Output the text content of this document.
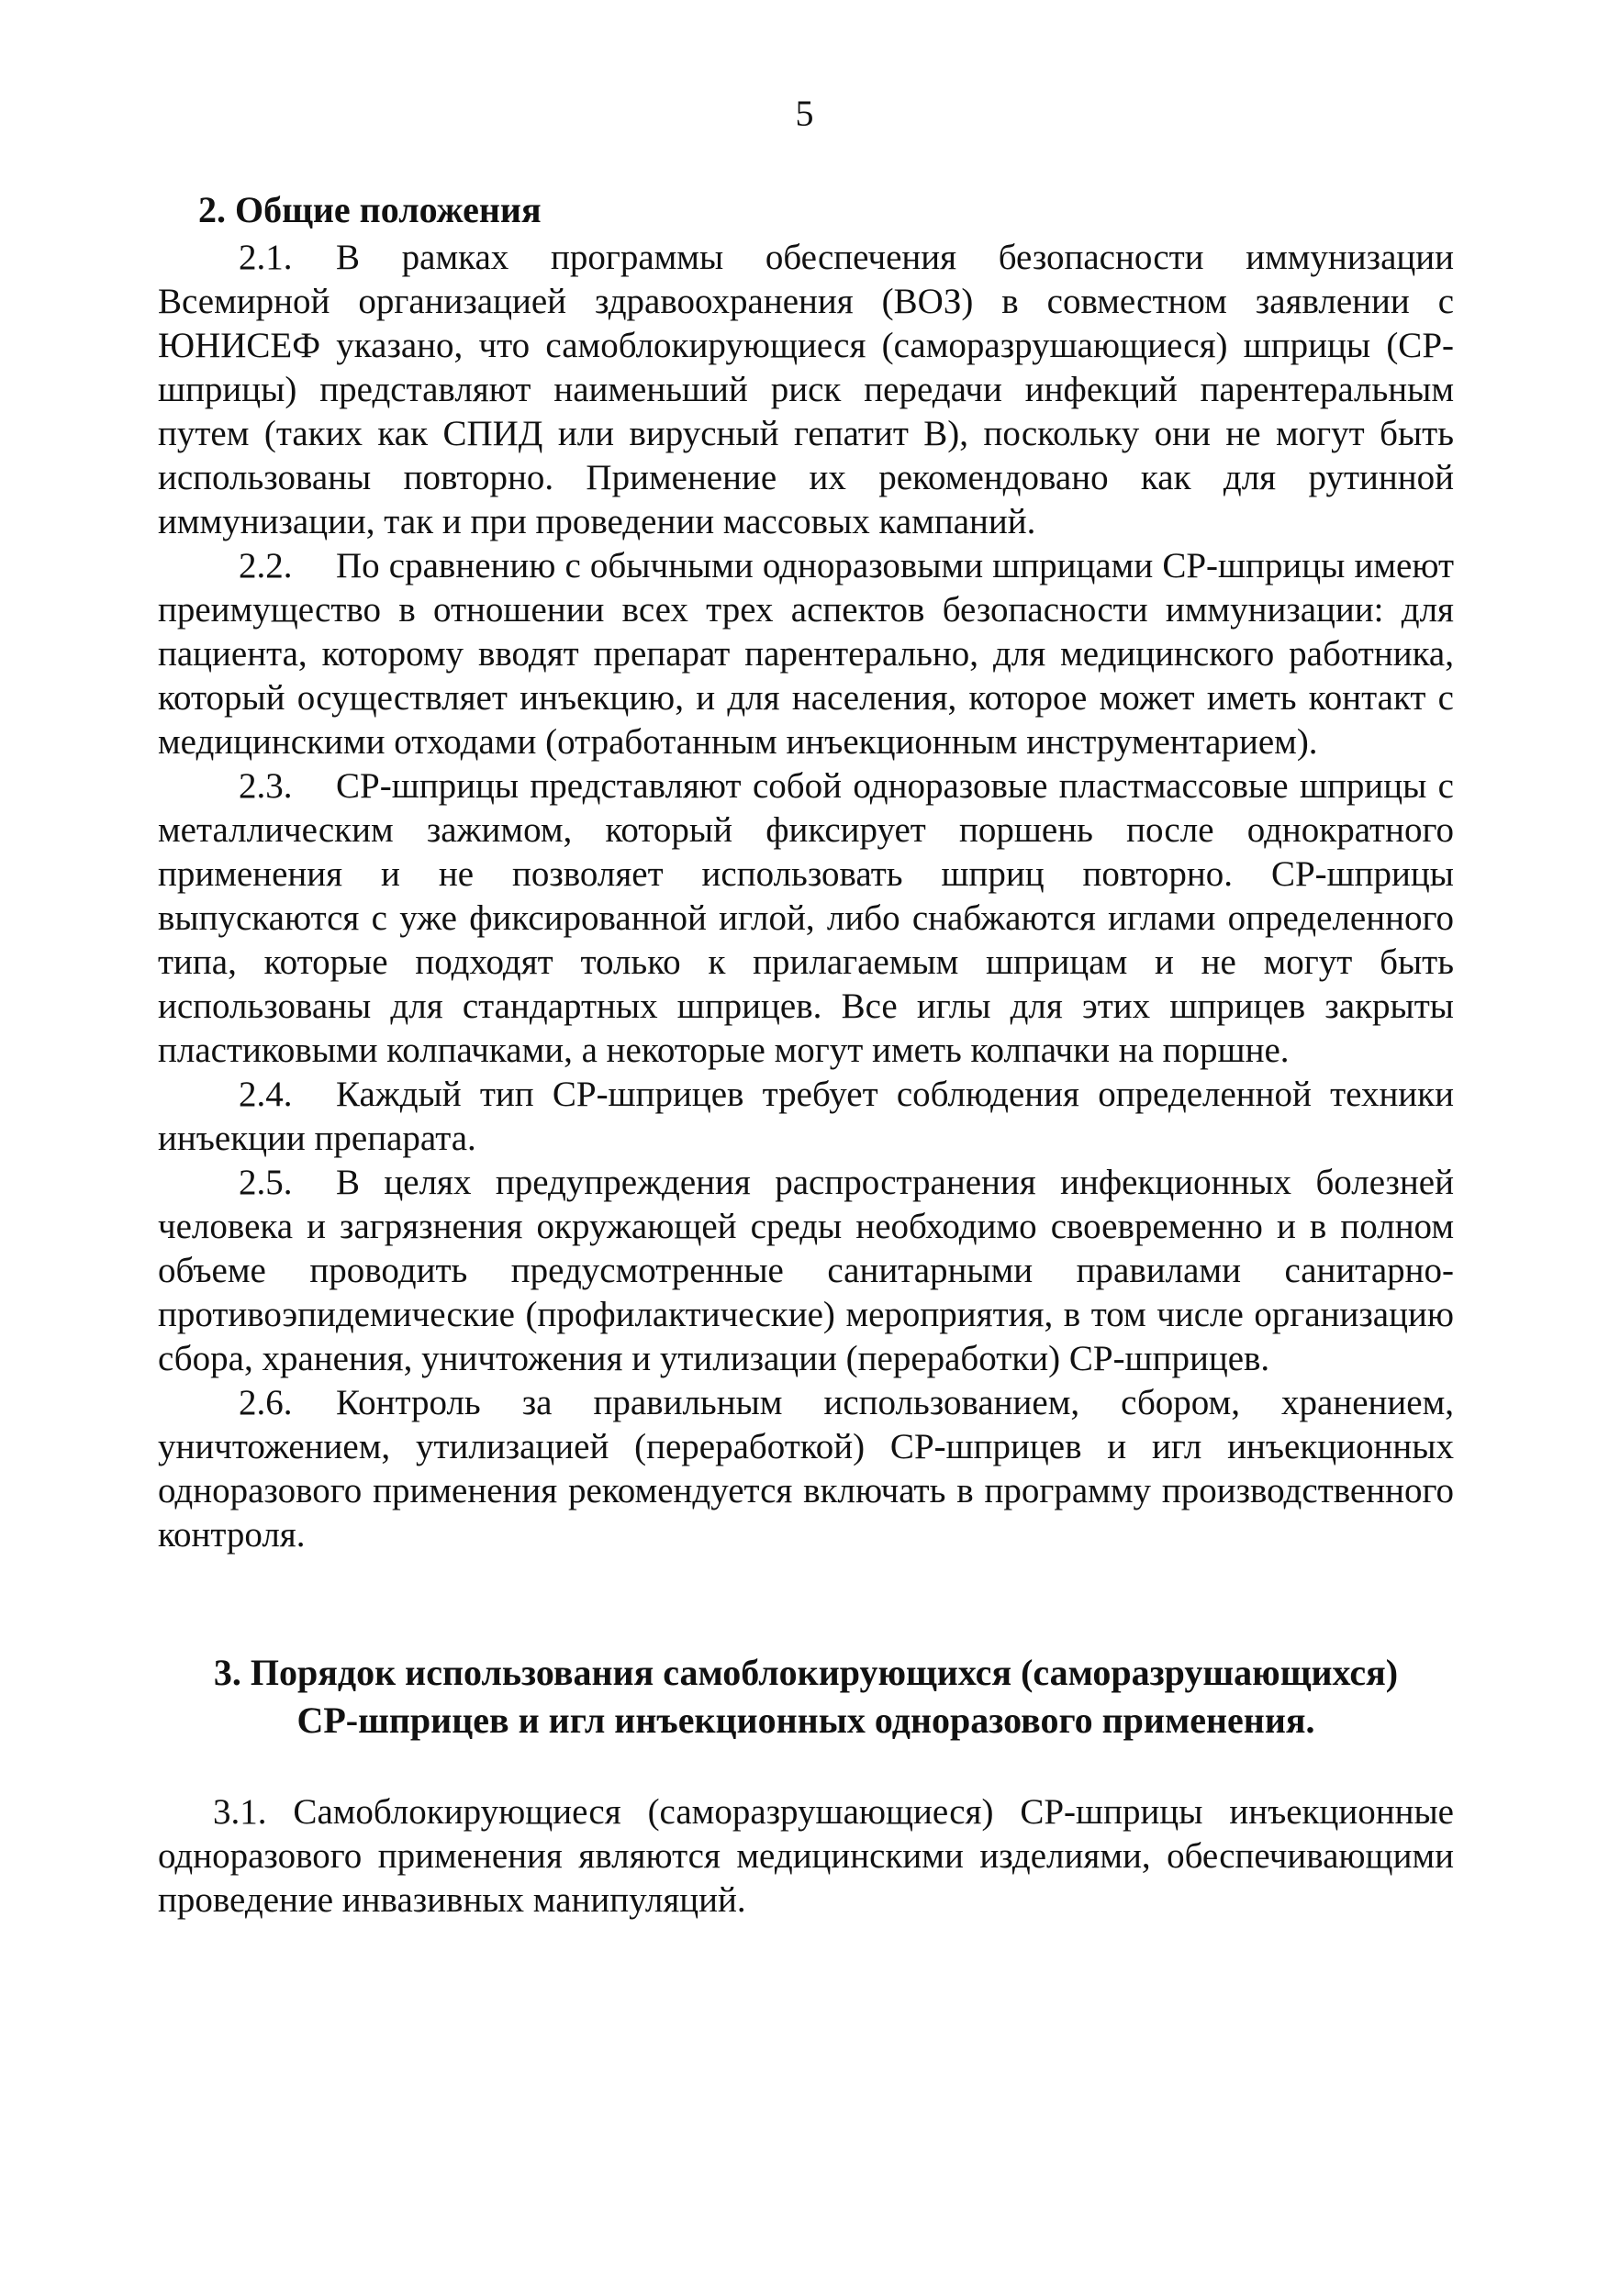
5
2. Общие положения

2.1. В рамках программы обеспечения безопасности иммунизации Всемирной организацией здравоохранения (ВОЗ) в совместном заявлении с ЮНИСЕФ указано, что самоблокирующиеся (саморазрушающиеся) шприцы (СР-шприцы) представляют наименьший риск передачи инфекций парентеральным путем (таких как СПИД или вирусный гепатит В), поскольку они не могут быть использованы повторно. Применение их рекомендовано как для рутинной иммунизации, так и при проведении массовых кампаний.

2.2. По сравнению с обычными одноразовыми шприцами СР-шприцы имеют преимущество в отношении всех трех аспектов безопасности иммунизации: для пациента, которому вводят препарат парентерально, для медицинского работника, который осуществляет инъекцию, и для населения, которое может иметь контакт с медицинскими отходами (отработанным инъекционным инструментарием).

2.3. СР-шприцы представляют собой одноразовые пластмассовые шприцы с металлическим зажимом, который фиксирует поршень после однократного применения и не позволяет использовать шприц повторно. СР-шприцы выпускаются с уже фиксированной иглой, либо снабжаются иглами определенного типа, которые подходят только к прилагаемым шприцам и не могут быть использованы для стандартных шприцев. Все иглы для этих шприцев закрыты пластиковыми колпачками, а некоторые могут иметь колпачки на поршне.

2.4. Каждый тип СР-шприцев требует соблюдения определенной техники инъекции препарата.

2.5. В целях предупреждения распространения инфекционных болезней человека и загрязнения окружающей среды необходимо своевременно и в полном объеме проводить предусмотренные санитарными правилами санитарно-противоэпидемические (профилактические) мероприятия, в том числе организацию сбора, хранения, уничтожения и утилизации (переработки) СР-шприцев.

2.6. Контроль за правильным использованием, сбором, хранением, уничтожением, утилизацией (переработкой) СР-шприцев и игл инъекционных одноразового применения рекомендуется включать в программу производственного контроля.

3. Порядок использования самоблокирующихся (саморазрушающихся)
СР-шприцев и игл инъекционных одноразового применения.

3.1. Самоблокирующиеся (саморазрушающиеся) СР-шприцы инъекционные одноразового применения являются медицинскими изделиями, обеспечивающими проведение инвазивных манипуляций.
